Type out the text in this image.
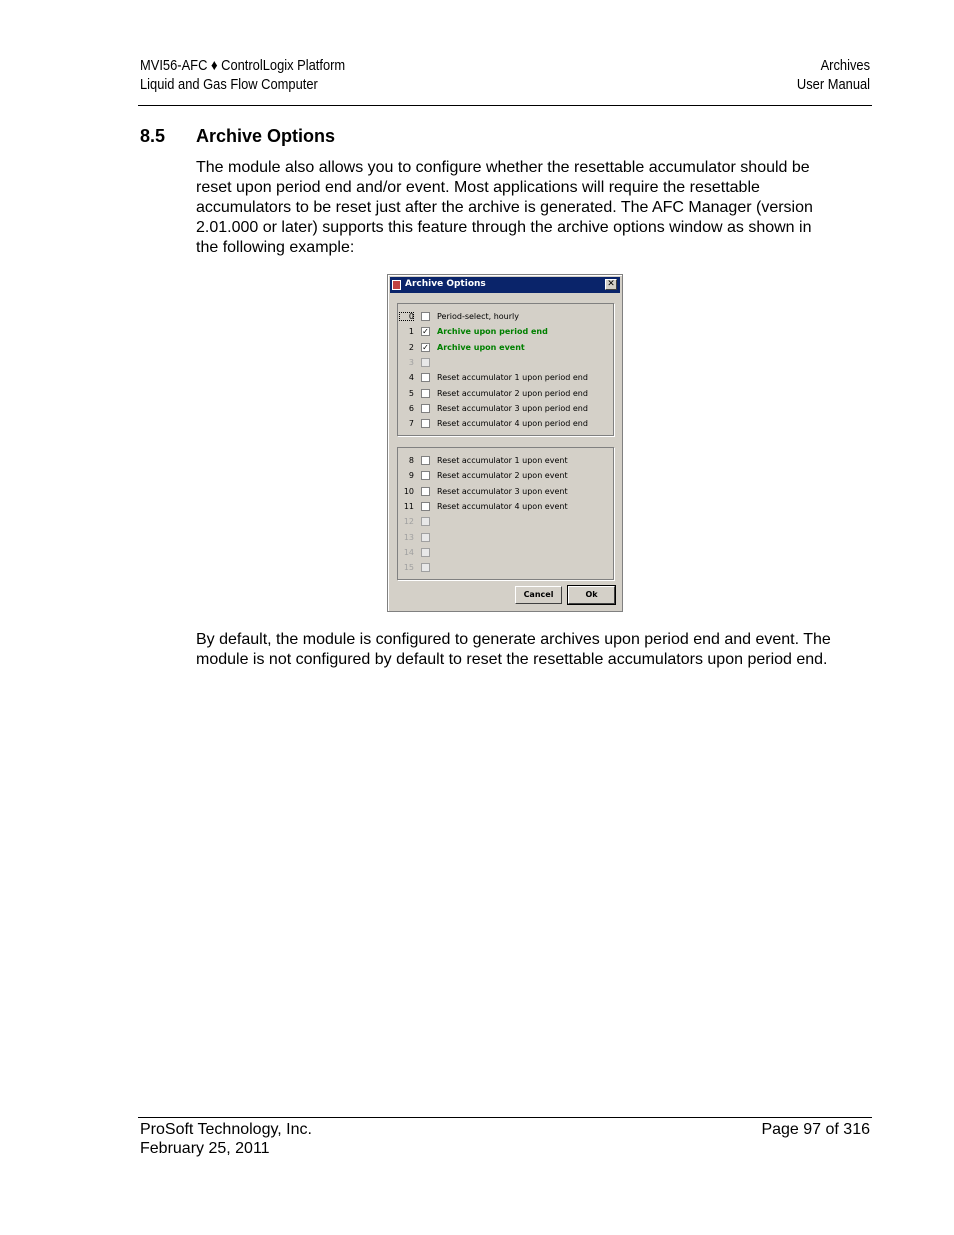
MVI56-AFC ♦ ControlLogix Platform
Liquid and Gas Flow Computer
Archives
User Manual
8.5 Archive Options
The module also allows you to configure whether the resettable accumulator should be reset upon period end and/or event. Most applications will require the resettable accumulators to be reset just after the archive is generated. The AFC Manager (version 2.01.000 or later) supports this feature through the archive options window as shown in the following example:
Archive Options	✕
0	Period-select, hourly
1 ✓ Archive upon period end
2 ✓ Archive upon event
3
4	Reset accumulator 1 upon period end
5	Reset accumulator 2 upon period end
6	Reset accumulator 3 upon period end
7	Reset accumulator 4 upon period end
8	Reset accumulator 1 upon event
9	Reset accumulator 2 upon event
10	Reset accumulator 3 upon event
11	Reset accumulator 4 upon event
12
13
14
15
Cancel	Ok
By default, the module is configured to generate archives upon period end and event. The module is not configured by default to reset the resettable accumulators upon period end.
ProSoft Technology, Inc.
February 25, 2011
Page 97 of 316
